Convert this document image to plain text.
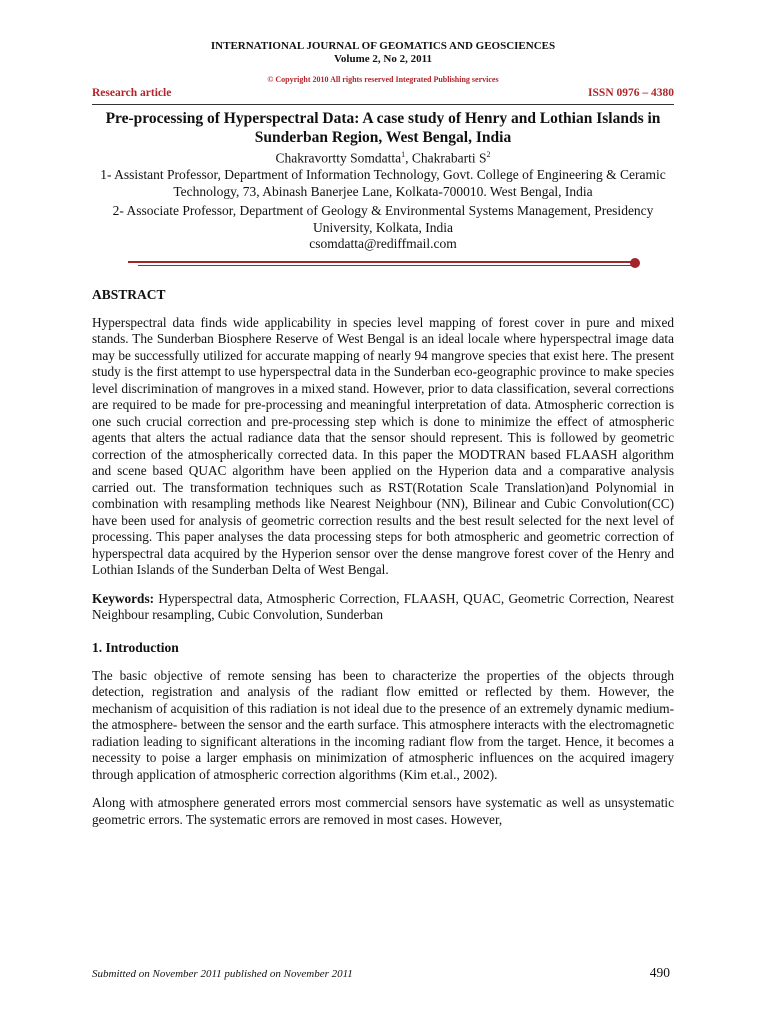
INTERNATIONAL JOURNAL OF GEOMATICS AND GEOSCIENCES
Volume 2, No 2, 2011
© Copyright 2010 All rights reserved Integrated Publishing services
Research article	ISSN 0976 – 4380
Pre-processing of Hyperspectral Data: A case study of Henry and Lothian Islands in Sunderban Region, West Bengal, India
Chakravortty Somdatta$^1$, Chakrabarti $S^2$
1- Assistant Professor, Department of Information Technology, Govt. College of Engineering & Ceramic Technology, 73, Abinash Banerjee Lane, Kolkata-700010. West Bengal, India
2- Associate Professor, Department of Geology & Environmental Systems Management, Presidency University, Kolkata, India
csomdatta@rediffmail.com
ABSTRACT
Hyperspectral data finds wide applicability in species level mapping of forest cover in pure and mixed stands. The Sunderban Biosphere Reserve of West Bengal is an ideal locale where hyperspectral image data may be successfully utilized for accurate mapping of nearly 94 mangrove species that exist here. The present study is the first attempt to use hyperspectral data in the Sunderban eco-geographic province to make species level discrimination of mangroves in a mixed stand. However, prior to data classification, several corrections are required to be made for pre-processing and meaningful interpretation of data. Atmospheric correction is one such crucial correction and pre-processing step which is done to minimize the effect of atmospheric agents that alters the actual radiance data that the sensor should represent. This is followed by geometric correction of the atmospherically corrected data. In this paper the MODTRAN based FLAASH algorithm and scene based QUAC algorithm have been applied on the Hyperion data and a comparative analysis carried out. The transformation techniques such as RST(Rotation Scale Translation)and Polynomial in combination with resampling methods like Nearest Neighbour (NN), Bilinear and Cubic Convolution(CC) have been used for analysis of geometric correction results and the best result selected for the next level of processing. This paper analyses the data processing steps for both atmospheric and geometric correction of hyperspectral data acquired by the Hyperion sensor over the dense mangrove forest cover of the Henry and Lothian Islands of the Sunderban Delta of West Bengal.
Keywords: Hyperspectral data, Atmospheric Correction, FLAASH, QUAC, Geometric Correction, Nearest Neighbour resampling, Cubic Convolution, Sunderban
1. Introduction
The basic objective of remote sensing has been to characterize the properties of the objects through detection, registration and analysis of the radiant flow emitted or reflected by them. However, the mechanism of acquisition of this radiation is not ideal due to the presence of an extremely dynamic medium-the atmosphere- between the sensor and the earth surface. This atmosphere interacts with the electromagnetic radiation leading to significant alterations in the incoming radiant flow from the target. Hence, it becomes a necessity to poise a larger emphasis on minimization of atmospheric influences on the acquired imagery through application of atmospheric correction algorithms (Kim et.al., 2002).
Along with atmosphere generated errors most commercial sensors have systematic as well as unsystematic geometric errors. The systematic errors are removed in most cases. However,
Submitted on November 2011 published on November 2011	490
